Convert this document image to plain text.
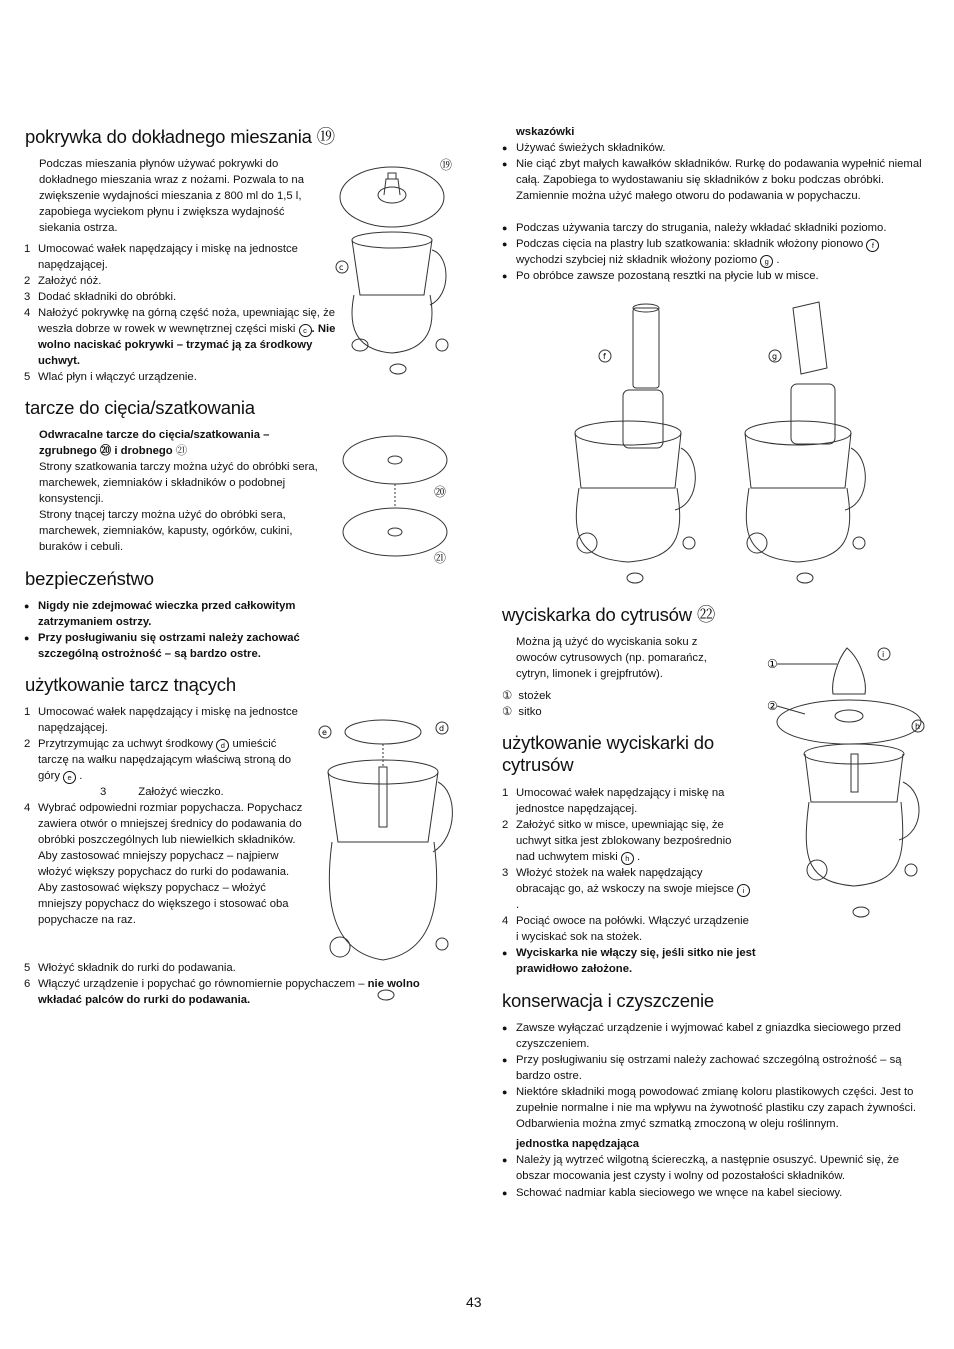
pokrywka do dokładnego mieszania ⑲
Podczas mieszania płynów używać pokrywki do dokładnego mieszania wraz z nożami. Pozwala to na zwiększenie wydajności mieszania z 800 ml do 1,5 l, zapobiega wyciekom płynu i zwiększa wydajność siekania ostrza.
1 Umocować wałek napędzający i miskę na jednostce napędzającej.
2 Założyć nóż.
3 Dodać składniki do obróbki.
4 Nałożyć pokrywkę na górną część noża, upewniając się, że weszła dobrze w rowek w wewnętrznej części miski c . Nie wolno naciskać pokrywki – trzymać ją za środkowy uchwyt.
5 Wlać płyn i włączyć urządzenie.
tarcze do cięcia/szatkowania
Odwracalne tarcze do cięcia/szatkowania – zgrubnego ⑳ i drobnego ㉑
Strony szatkowania tarczy można użyć do obróbki sera, marchewek, ziemniaków i składników o podobnej konsystencji.
Strony tnącej tarczy można użyć do obróbki sera, marchewek, ziemniaków, kapusty, ogórków, cukini, buraków i cebuli.
bezpieczeństwo
● Nigdy nie zdejmować wieczka przed całkowitym zatrzymaniem ostrzy.
● Przy posługiwaniu się ostrzami należy zachować szczególną ostrożność – są bardzo ostre.
użytkowanie tarcz tnących
1 Umocować wałek napędzający i miskę na jednostce napędzającej.
2 Przytrzymując za uchwyt środkowy d umieścić tarczę na wałku napędzającym właściwą stroną do góry e .
3	Założyć wieczko.
4 Wybrać odpowiedni rozmiar popychacza. Popychacz zawiera otwór o mniejszej średnicy do podawania do obróbki poszczególnych lub niewielkich składników. Aby zastosować mniejszy popychacz – najpierw włożyć większy popychacz do rurki do podawania. Aby zastosować większy popychacz – włożyć mniejszy popychacz do większego i stosować oba popychacze na raz.
5 Włożyć składnik do rurki do podawania.
6 Włączyć urządzenie i popychać go równomiernie popychaczem – nie wolno wkładać palców do rurki do podawania.
⑲
c
⑳
㉑
e	d
wskazówki
● Używać świeżych składników.
● Nie ciąć zbyt małych kawałków składników. Rurkę do podawania wypełnić niemal całą. Zapobiega to wydostawaniu się składników z boku podczas obróbki. Zamiennie można użyć małego otworu do podawania w popychaczu.
● Podczas używania tarczy do strugania, należy wkładać składniki poziomo.
● Podczas cięcia na plastry lub szatkowania: składnik włożony pionowo f wychodzi szybciej niż składnik włożony poziomo g .
● Po obróbce zawsze pozostaną resztki na płycie lub w misce.
wyciskarka do cytrusów ㉒
Można ją użyć do wyciskania soku z owoców cytrusowych (np. pomarańcz, cytryn, limonek i grejpfrutów).
① stożek
① sitko
użytkowanie wyciskarki do cytrusów
1 Umocować wałek napędzający i miskę na jednostce napędzającej.
2 Założyć sitko w misce, upewniając się, że uchwyt sitka jest zblokowany bezpośrednio nad uchwytem miski h .
3 Włożyć stożek na wałek napędzający obracając go, aż wskoczy na swoje miejsce i .
4 Pociąć owoce na połówki. Włączyć urządzenie i wyciskać sok na stożek.
● Wyciskarka nie włączy się, jeśli sitko nie jest prawidłowo założone.
konserwacja i czyszczenie
● Zawsze wyłączać urządzenie i wyjmować kabel z gniazdka sieciowego przed czyszczeniem.
● Przy posługiwaniu się ostrzami należy zachować szczególną ostrożność – są bardzo ostre.
● Niektóre składniki mogą powodować zmianę koloru plastikowych części. Jest to zupełnie normalne i nie ma wpływu na żywotność plastiku czy zapach żywności. Odbarwienia można zmyć szmatką zmoczoną w oleju roślinnym.
jednostka napędzająca
● Należy ją wytrzeć wilgotną ściereczką, a następnie osuszyć. Upewnić się, że obszar mocowania jest czysty i wolny od pozostałości składników.
● Schować nadmiar kabla sieciowego we wnęce na kabel sieciowy.
f	g
①
②
i
h
43
